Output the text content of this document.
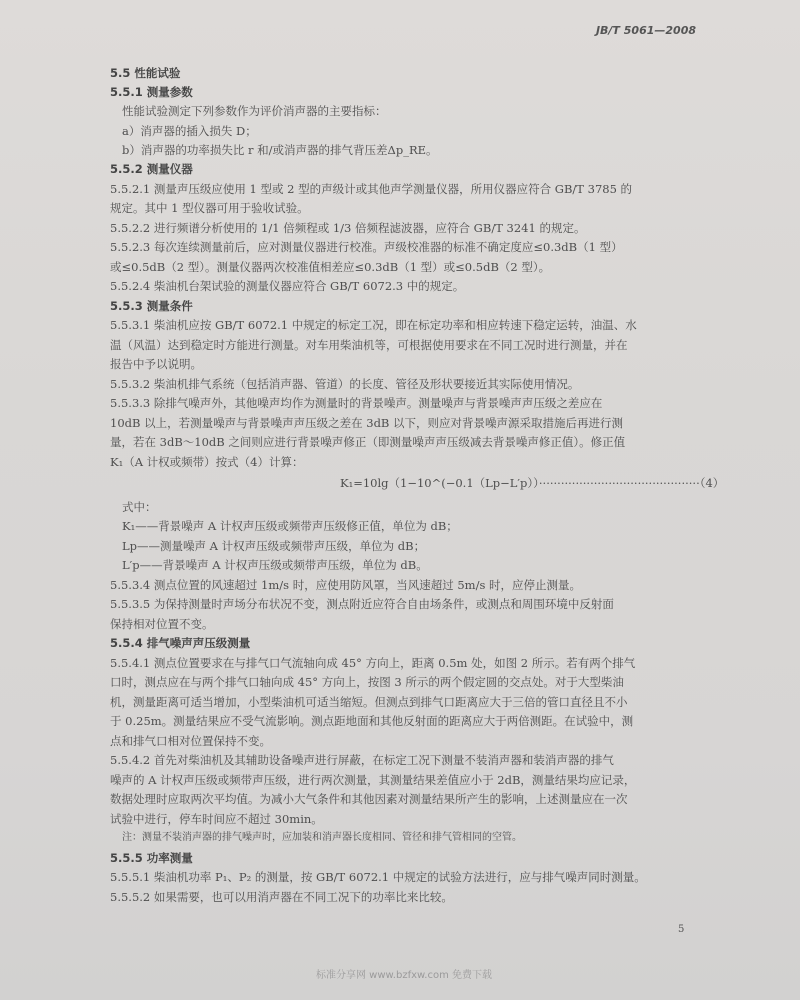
JB/T 5061—2008
5.5 性能试验
5.5.1 测量参数
性能试验测定下列参数作为评价消声器的主要指标：
a）消声器的插入损失 D；
b）消声器的功率损失比 r 和/或消声器的排气背压差Δp_RE。
5.5.2 测量仪器
5.5.2.1 测量声压级应使用 1 型或 2 型的声级计或其他声学测量仪器，所用仪器应符合 GB/T 3785 的
规定。其中 1 型仪器可用于验收试验。
5.5.2.2 进行频谱分析使用的 1/1 倍频程或 1/3 倍频程滤波器，应符合 GB/T 3241 的规定。
5.5.2.3 每次连续测量前后，应对测量仪器进行校准。声级校准器的标准不确定度应≤0.3dB（1 型）
或≤0.5dB（2 型）。测量仪器两次校准值相差应≤0.3dB（1 型）或≤0.5dB（2 型）。
5.5.2.4 柴油机台架试验的测量仪器应符合 GB/T 6072.3 中的规定。
5.5.3 测量条件
5.5.3.1 柴油机应按 GB/T 6072.1 中规定的标定工况，即在标定功率和相应转速下稳定运转，油温、水
温（风温）达到稳定时方能进行测量。对车用柴油机等，可根据使用要求在不同工况时进行测量，并在
报告中予以说明。
5.5.3.2 柴油机排气系统（包括消声器、管道）的长度、管径及形状要接近其实际使用情况。
5.5.3.3 除排气噪声外，其他噪声均作为测量时的背景噪声。测量噪声与背景噪声声压级之差应在
10dB 以上，若测量噪声与背景噪声声压级之差在 3dB 以下，则应对背景噪声源采取措施后再进行测
量，若在 3dB～10dB 之间则应进行背景噪声修正（即测量噪声声压级减去背景噪声修正值）。修正值
K₁（A 计权或频带）按式（4）计算：
K₁=10lg（1−10^(−0.1（Lp−L′p））············································（4）
式中：
K₁——背景噪声 A 计权声压级或频带声压级修正值，单位为 dB；
Lp——测量噪声 A 计权声压级或频带声压级，单位为 dB；
L′p——背景噪声 A 计权声压级或频带声压级，单位为 dB。
5.5.3.4 测点位置的风速超过 1m/s 时，应使用防风罩，当风速超过 5m/s 时，应停止测量。
5.5.3.5 为保持测量时声场分布状况不变，测点附近应符合自由场条件，或测点和周围环境中反射面
保持相对位置不变。
5.5.4 排气噪声声压级测量
5.5.4.1 测点位置要求在与排气口气流轴向成 45° 方向上，距离 0.5m 处，如图 2 所示。若有两个排气
口时，测点应在与两个排气口轴向成 45° 方向上，按图 3 所示的两个假定圆的交点处。对于大型柴油
机，测量距离可适当增加，小型柴油机可适当缩短。但测点到排气口距离应大于三倍的管口直径且不小
于 0.25m。测量结果应不受气流影响。测点距地面和其他反射面的距离应大于两倍测距。在试验中，测
点和排气口相对位置保持不变。
5.5.4.2 首先对柴油机及其辅助设备噪声进行屏蔽，在标定工况下测量不装消声器和装消声器的排气
噪声的 A 计权声压级或频带声压级，进行两次测量，其测量结果差值应小于 2dB，测量结果均应记录，
数据处理时应取两次平均值。为减小大气条件和其他因素对测量结果所产生的影响，上述测量应在一次
试验中进行，停车时间应不超过 30min。
注：测量不装消声器的排气噪声时，应加装和消声器长度相同、管径和排气管相同的空管。
5.5.5 功率测量
5.5.5.1 柴油机功率 P₁、P₂ 的测量，按 GB/T 6072.1 中规定的试验方法进行，应与排气噪声同时测量。
5.5.5.2 如果需要，也可以用消声器在不同工况下的功率比来比较。
5
标准分享网 www.bzfxw.com 免费下载
